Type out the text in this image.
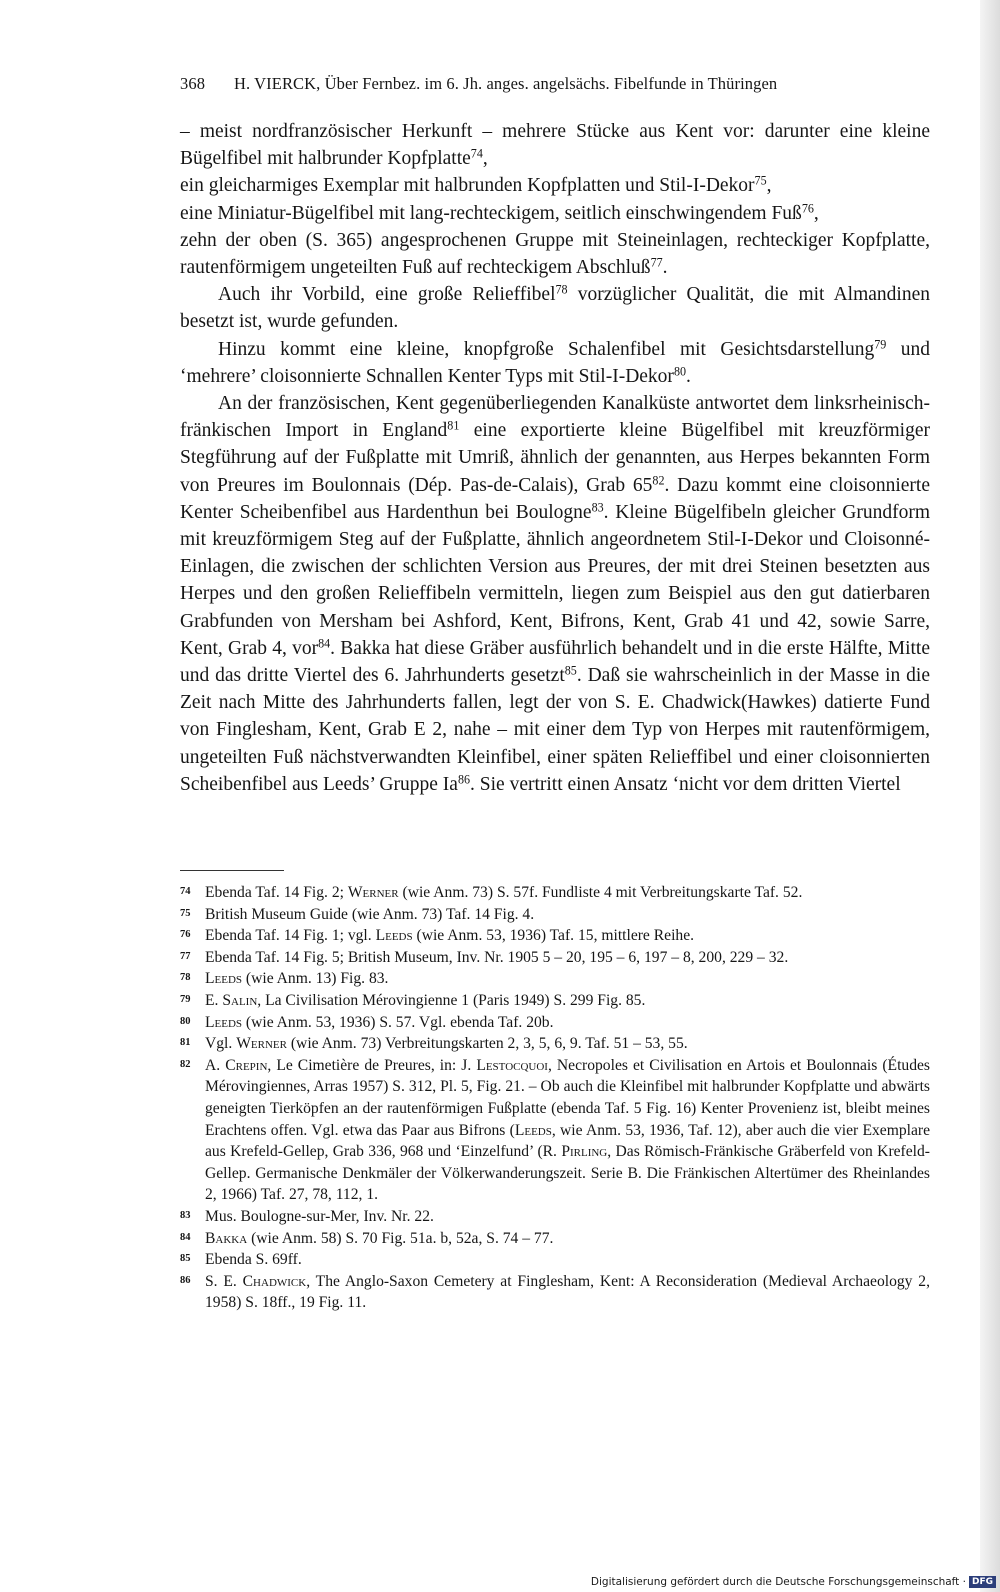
368 H. VIERCK, Über Fernbez. im 6. Jh. anges. angelsächs. Fibelfunde in Thüringen

– meist nordfranzösischer Herkunft – mehrere Stücke aus Kent vor: darunter eine kleine Bügelfibel mit halbrunder Kopfplatte$^{74}$,
ein gleicharmiges Exemplar mit halbrunden Kopfplatten und Stil-I-Dekor$^{75}$,
eine Miniatur-Bügelfibel mit lang-rechteckigem, seitlich einschwingendem Fuß$^{76}$,
zehn der oben (S. 365) angesprochenen Gruppe mit Steineinlagen, rechteckiger Kopfplatte, rautenförmigem ungeteilten Fuß auf rechteckigem Abschluß$^{77}$.

Auch ihr Vorbild, eine große Relieffibel$^{78}$ vorzüglicher Qualität, die mit Almandinen besetzt ist, wurde gefunden.

Hinzu kommt eine kleine, knopfgroße Schalenfibel mit Gesichtsdarstellung$^{79}$ und ‘mehrere’ cloisonnierte Schnallen Kenter Typs mit Stil-I-Dekor$^{80}$.

An der französischen, Kent gegenüberliegenden Kanalküste antwortet dem linksrheinisch-fränkischen Import in England$^{81}$ eine exportierte kleine Bügelfibel mit kreuzförmiger Stegführung auf der Fußplatte mit Umriß, ähnlich der genannten, aus Herpes bekannten Form von Preures im Boulonnais (Dép. Pas-de-Calais), Grab $65^{82}$. Dazu kommt eine cloisonnierte Kenter Scheibenfibel aus Hardenthun bei Boulogne$^{83}$. Kleine Bügelfibeln gleicher Grundform mit kreuzförmigem Steg auf der Fußplatte, ähnlich angeordnetem Stil-I-Dekor und Cloisonné-Einlagen, die zwischen der schlichten Version aus Preures, der mit drei Steinen besetzten aus Herpes und den großen Relieffibeln vermitteln, liegen zum Beispiel aus den gut datierbaren Grabfunden von Mersham bei Ashford, Kent, Bifrons, Kent, Grab 41 und 42, sowie Sarre, Kent, Grab 4, vor$^{84}$. Bakka hat diese Gräber ausführlich behandelt und in die erste Hälfte, Mitte und das dritte Viertel des 6. Jahrhunderts gesetzt$^{85}$. Daß sie wahrscheinlich in der Masse in die Zeit nach Mitte des Jahrhunderts fallen, legt der von S. E. Chadwick(Hawkes) datierte Fund von Finglesham, Kent, Grab E 2, nahe – mit einer dem Typ von Herpes mit rautenförmigem, ungeteilten Fuß nächstverwandten Kleinfibel, einer späten Relieffibel und einer cloisonnierten Scheibenfibel aus Leeds’ Gruppe Ia$^{86}$. Sie vertritt einen Ansatz ‘nicht vor dem dritten Viertel

74 Ebenda Taf. 14 Fig. 2; Werner (wie Anm. 73) S. 57f. Fundliste 4 mit Verbreitungskarte Taf. 52.
75 British Museum Guide (wie Anm. 73) Taf. 14 Fig. 4.
76 Ebenda Taf. 14 Fig. 1; vgl. Leeds (wie Anm. 53, 1936) Taf. 15, mittlere Reihe.
77 Ebenda Taf. 14 Fig. 5; British Museum, Inv. Nr. 1905 5 – 20, 195 – 6, 197 – 8, 200, 229 – 32.
78 Leeds (wie Anm. 13) Fig. 83.
79 E. Salin, La Civilisation Mérovingienne 1 (Paris 1949) S. 299 Fig. 85.
80 Leeds (wie Anm. 53, 1936) S. 57. Vgl. ebenda Taf. 20b.
81 Vgl. Werner (wie Anm. 73) Verbreitungskarten 2, 3, 5, 6, 9. Taf. 51 – 53, 55.
82 A. Crepin, Le Cimetière de Preures, in: J. Lestocquoi, Necropoles et Civilisation en Artois et Boulonnais (Études Mérovingiennes, Arras 1957) S. 312, Pl. 5, Fig. 21. – Ob auch die Kleinfibel mit halbrunder Kopfplatte und abwärts geneigten Tierköpfen an der rautenförmigen Fußplatte (ebenda Taf. 5 Fig. 16) Kenter Provenienz ist, bleibt meines Erachtens offen. Vgl. etwa das Paar aus Bifrons (Leeds, wie Anm. 53, 1936, Taf. 12), aber auch die vier Exemplare aus Krefeld-Gellep, Grab 336, 968 und ‘Einzelfund’ (R. Pirling, Das Römisch-Fränkische Gräberfeld von Krefeld-Gellep. Germanische Denkmäler der Völkerwanderungszeit. Serie B. Die Fränkischen Altertümer des Rheinlandes 2, 1966) Taf. 27, 78, 112, 1.
83 Mus. Boulogne-sur-Mer, Inv. Nr. 22.
84 Bakka (wie Anm. 58) S. 70 Fig. 51a. b, 52a, S. 74 – 77.
85 Ebenda S. 69ff.
86 S. E. Chadwick, The Anglo-Saxon Cemetery at Finglesham, Kent: A Reconsideration (Medieval Archaeology 2, 1958) S. 18ff., 19 Fig. 11.
Digitalisierung gefördert durch die Deutsche Forschungsgemeinschaft · DFG
